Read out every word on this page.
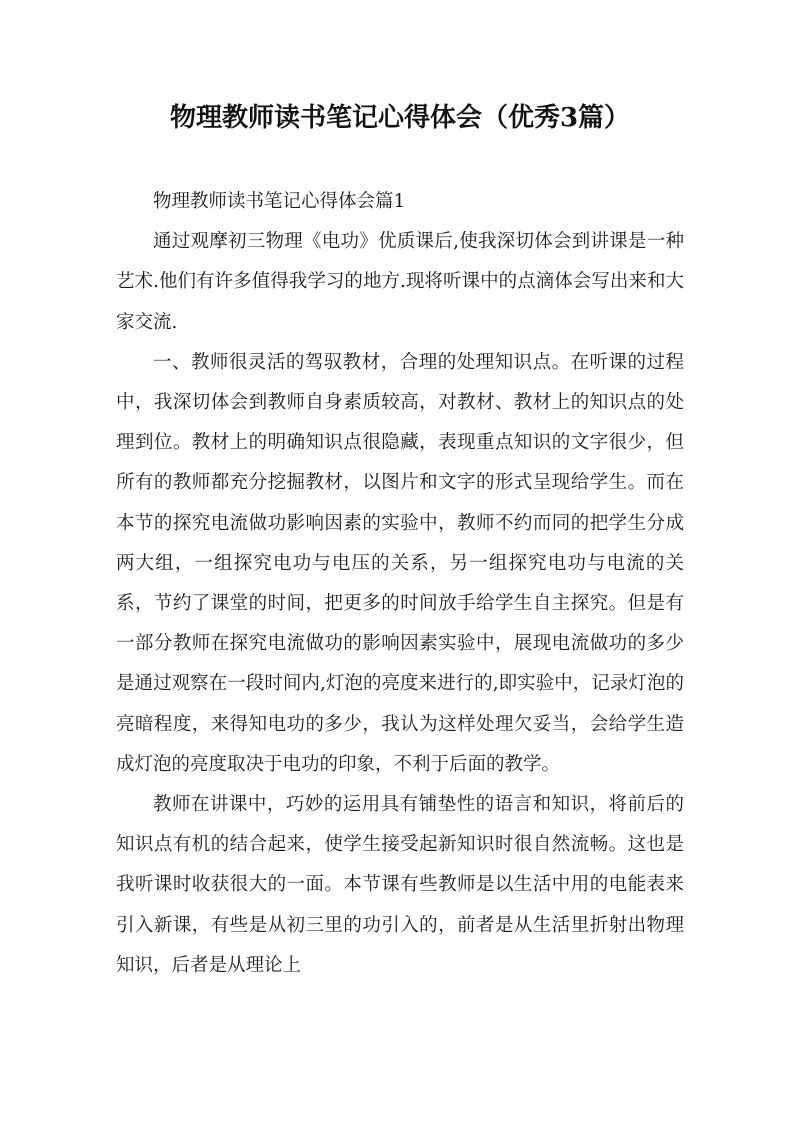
物理教师读书笔记心得体会（优秀3篇）

物理教师读书笔记心得体会篇1

通过观摩初三物理《电功》优质课后,使我深切体会到讲课是一种艺术.他们有许多值得我学习的地方.现将听课中的点滴体会写出来和大家交流.

一、教师很灵活的驾驭教材，合理的处理知识点。在听课的过程中，我深切体会到教师自身素质较高，对教材、教材上的知识点的处理到位。教材上的明确知识点很隐藏，表现重点知识的文字很少，但所有的教师都充分挖掘教材，以图片和文字的形式呈现给学生。而在本节的探究电流做功影响因素的实验中，教师不约而同的把学生分成两大组，一组探究电功与电压的关系，另一组探究电功与电流的关系，节约了课堂的时间，把更多的时间放手给学生自主探究。但是有一部分教师在探究电流做功的影响因素实验中，展现电流做功的多少是通过观察在一段时间内,灯泡的亮度来进行的,即实验中，记录灯泡的亮暗程度，来得知电功的多少，我认为这样处理欠妥当，会给学生造成灯泡的亮度取决于电功的印象，不利于后面的教学。

教师在讲课中，巧妙的运用具有铺垫性的语言和知识，将前后的知识点有机的结合起来，使学生接受起新知识时很自然流畅。这也是我听课时收获很大的一面。本节课有些教师是以生活中用的电能表来引入新课，有些是从初三里的功引入的，前者是从生活里折射出物理知识，后者是从理论上
